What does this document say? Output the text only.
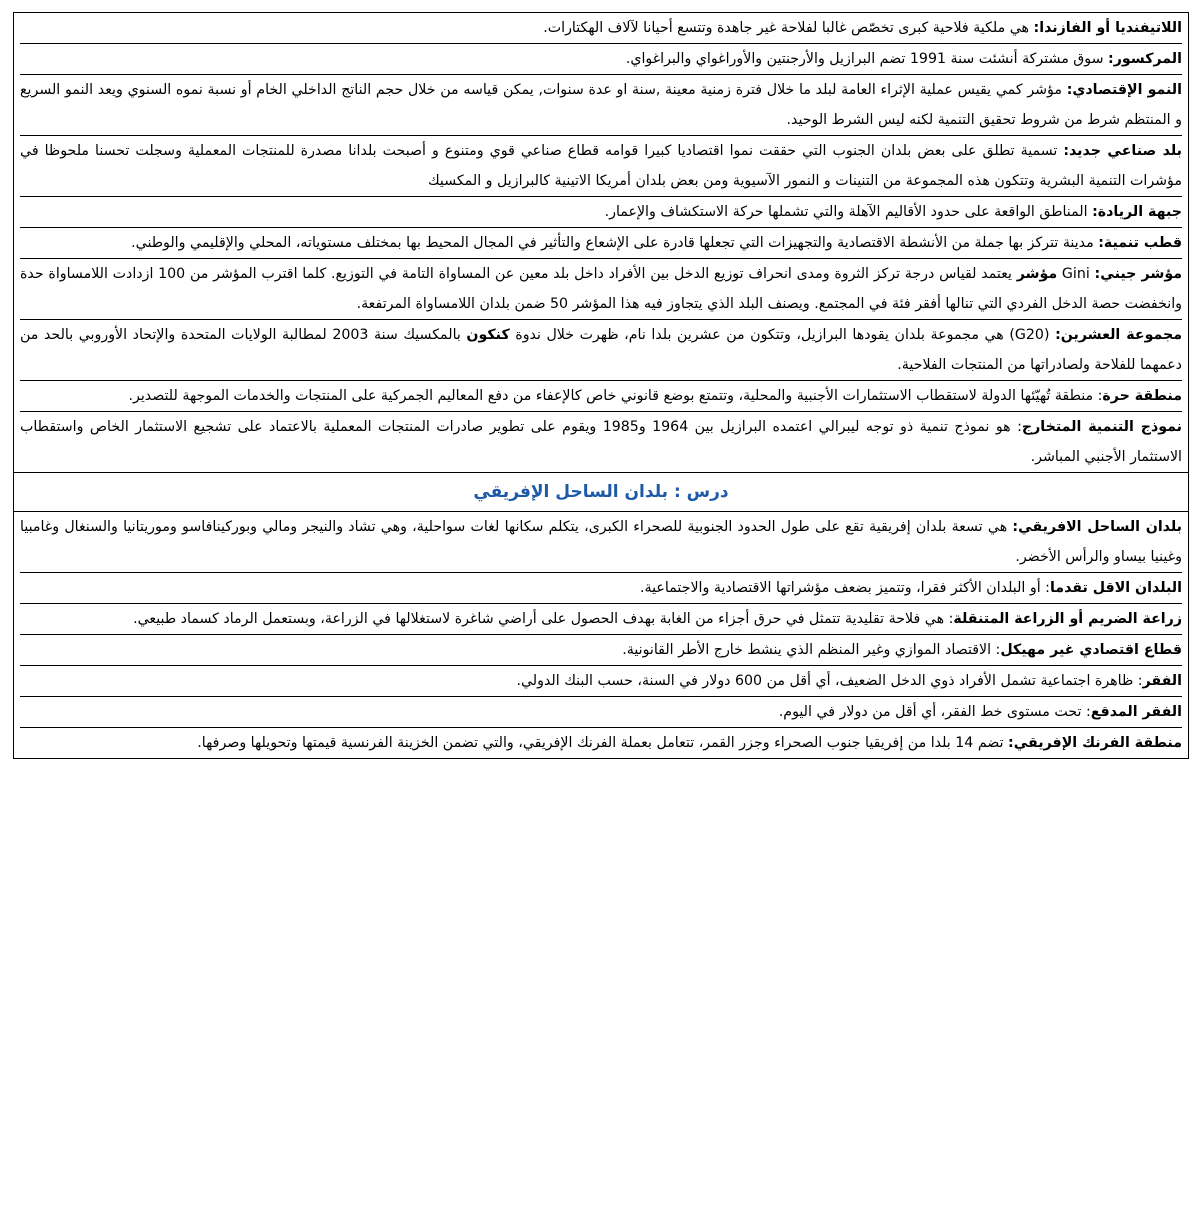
اللاتيفنديا أو الفازندا: هي ملكية فلاحية كبرى تخصّص غالبا لفلاحة غير جاهدة وتتسع أحيانا لآلاف الهكتارات.

المركسور: سوق مشتركة أنشئت سنة 1991 تضم البرازيل والأرجنتين والأوراغواي والبراغواي.

النمو الإقتصادي: مؤشر كمي يقيس عملية الإثراء العامة لبلد ما خلال فترة زمنية معينة ,سنة او عدة سنوات, يمكن قياسه من خلال حجم الناتج الداخلي الخام أو نسبة نموه السنوي ويعد النمو السريع و المنتظم شرط من شروط تحقيق التنمية لكنه ليس الشرط الوحيد.

بلد صناعي جديد: تسمية تطلق على بعض بلدان الجنوب التي حققت نموا اقتصاديا كبيرا قوامه قطاع صناعي قوي ومتنوع و أصبحت بلدانا مصدرة للمنتجات المعملية وسجلت تحسنا ملحوظا في مؤشرات التنمية البشرية وتتكون هذه المجموعة من التنينات و النمور الآسيوية ومن بعض بلدان أمريكا الاتينية كالبرازيل و المكسيك

جبهة الريادة: المناطق الواقعة على حدود الأقاليم الآهلة والتي تشملها حركة الاستكشاف والإعمار.

قطب تنمية: مدينة تتركز بها جملة من الأنشطة الاقتصادية والتجهيزات التي تجعلها قادرة على الإشعاع والتأثير في المجال المحيط بها بمختلف مستوياته، المحلي والإقليمي والوطني.

مؤشر جيني: Gini مؤشر يعتمد لقياس درجة تركز الثروة ومدى انحراف توزيع الدخل بين الأفراد داخل بلد معين عن المساواة التامة في التوزيع. كلما اقترب المؤشر من 100 ازدادت اللامساواة حدة وانخفضت حصة الدخل الفردي التي تنالها أفقر فئة في المجتمع. ويصنف البلد الذي يتجاوز فيه هذا المؤشر 50 ضمن بلدان اللامساواة المرتفعة.

مجموعة العشرين: (G20) هي مجموعة بلدان يقودها البرازيل، وتتكون من عشرين بلدا نام، ظهرت خلال ندوة كنكون بالمكسيك سنة 2003 لمطالبة الولايات المتحدة والإتحاد الأوروبي بالحد من دعمهما للفلاحة ولصادراتها من المنتجات الفلاحية.

منطقة حرة: منطقة تُهيّئها الدولة لاستقطاب الاستثمارات الأجنبية والمحلية، وتتمتع بوضع قانوني خاص كالإعفاء من دفع المعاليم الجمركية على المنتجات والخدمات الموجهة للتصدير.

نموذج التنمية المتخارج: هو نموذج تنمية ذو توجه ليبرالي اعتمده البرازيل بين 1964 و1985 ويقوم على تطوير صادرات المنتجات المعملية بالاعتماد على تشجيع الاستثمار الخاص واستقطاب الاستثمار الأجنبي المباشر.

درس : بلدان الساحل الإفريقي

بلدان الساحل الافريقي: هي تسعة بلدان إفريقية تقع على طول الحدود الجنوبية للصحراء الكبرى، يتكلم سكانها لغات سواحلية، وهي تشاد والنيجر ومالي وبوركينافاسو وموريتانيا والسنغال وغامبيا وغينيا بيساو والرأس الأخضر.

البلدان الاقل تقدما: أو البلدان الأكثر فقرا، وتتميز بضعف مؤشراتها الاقتصادية والاجتماعية.

زراعة الضريم أو الزراعة المتنقلة: هي فلاحة تقليدية تتمثل في حرق أجزاء من الغابة بهدف الحصول على أراضي شاغرة لاستغلالها في الزراعة، وبستعمل الرماد كسماد طبيعي.

قطاع اقتصادي غير مهيكل: الاقتصاد الموازي وغير المنظم الذي ينشط خارج الأطر القانونية.

الفقر: ظاهرة اجتماعية تشمل الأفراد ذوي الدخل الضعيف، أي أقل من 600 دولار في السنة، حسب البنك الدولي.

الفقر المدقع: تحت مستوى خط الفقر، أي أقل من دولار في اليوم.

منطقة الفرنك الإفريقي: تضم 14 بلدا من إفريقيا جنوب الصحراء وجزر القمر، تتعامل بعملة الفرنك الإفريقي، والتي تضمن الخزينة الفرنسية قيمتها وتحويلها وصرفها.
